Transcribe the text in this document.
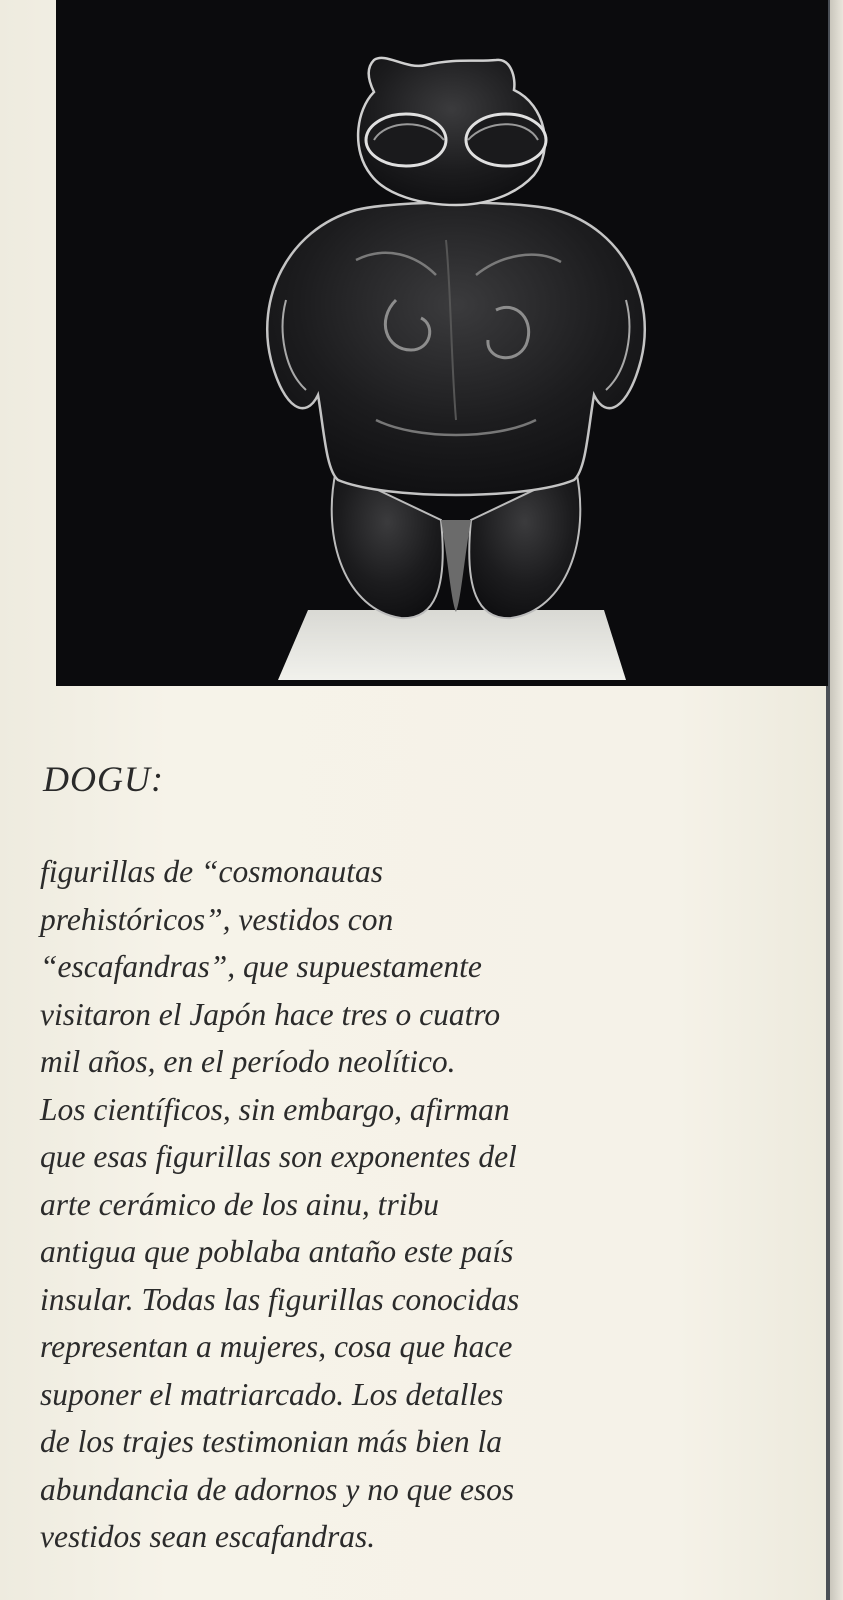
DOGU:
figurillas de “cosmonautas
prehistóricos”, vestidos con
“escafandras”, que supuestamente
visitaron el Japón hace tres o cuatro
mil años, en el período neolítico.
Los científicos, sin embargo, afirman
que esas figurillas son exponentes del
arte cerámico de los ainu, tribu
antigua que poblaba antaño este país
insular. Todas las figurillas conocidas
representan a mujeres, cosa que hace
suponer el matriarcado. Los detalles
de los trajes testimonian más bien la
abundancia de adornos y no que esos
vestidos sean escafandras.
